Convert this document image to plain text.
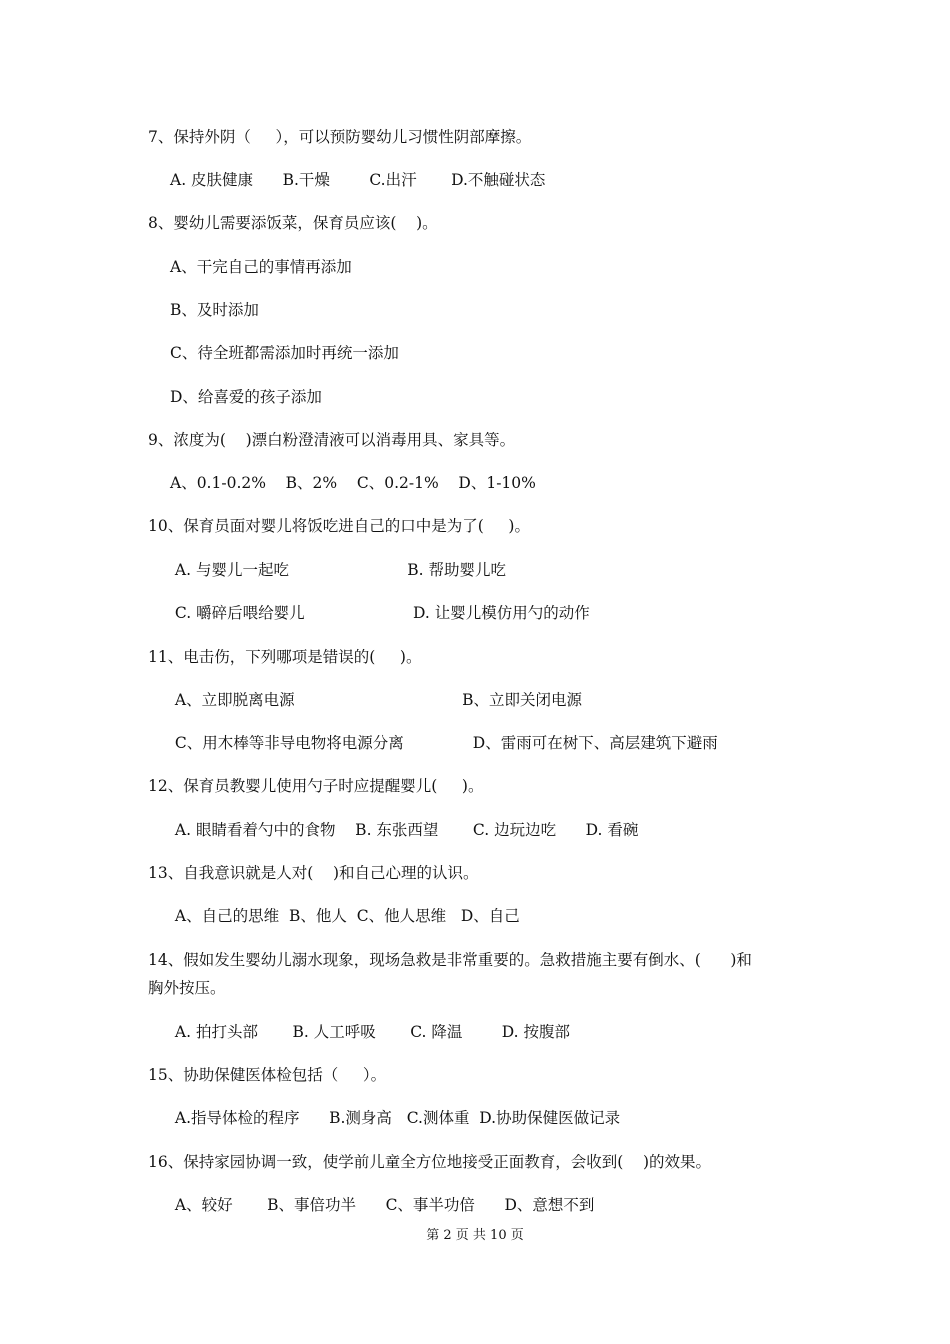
7、保持外阴（     ），可以预防婴幼儿习惯性阴部摩擦。
A. 皮肤健康      B.干燥        C.出汗       D.不触碰状态
8、婴幼儿需要添饭菜，保育员应该(    )。
A、干完自己的事情再添加
B、及时添加
C、待全班都需添加时再统一添加
D、给喜爱的孩子添加
9、浓度为(    )漂白粉澄清液可以消毒用具、家具等。
A、0.1-0.2%    B、2%    C、0.2-1%    D、1-10%
10、保育员面对婴儿将饭吃进自己的口中是为了(     )。
A. 与婴儿一起吃                        B. 帮助婴儿吃
C. 嚼碎后喂给婴儿                      D. 让婴儿模仿用勺的动作
11、电击伤，下列哪项是错误的(     )。
A、立即脱离电源                                  B、立即关闭电源
C、用木棒等非导电物将电源分离              D、雷雨可在树下、高层建筑下避雨
12、保育员教婴儿使用勺子时应提醒婴儿(     )。
A. 眼睛看着勺中的食物    B. 东张西望       C. 边玩边吃      D. 看碗
13、自我意识就是人对(    )和自己心理的认识。
A、自己的思维  B、他人  C、他人思维   D、自己
14、假如发生婴幼儿溺水现象，现场急救是非常重要的。急救措施主要有倒水、(      )和
胸外按压。
A. 拍打头部       B. 人工呼吸       C. 降温        D. 按腹部
15、协助保健医体检包括（     ）。
A.指导体检的程序      B.测身高   C.测体重  D.协助保健医做记录
16、保持家园协调一致，使学前儿童全方位地接受正面教育，会收到(    )的效果。
A、较好       B、事倍功半      C、事半功倍      D、意想不到
第 2 页 共 10 页
